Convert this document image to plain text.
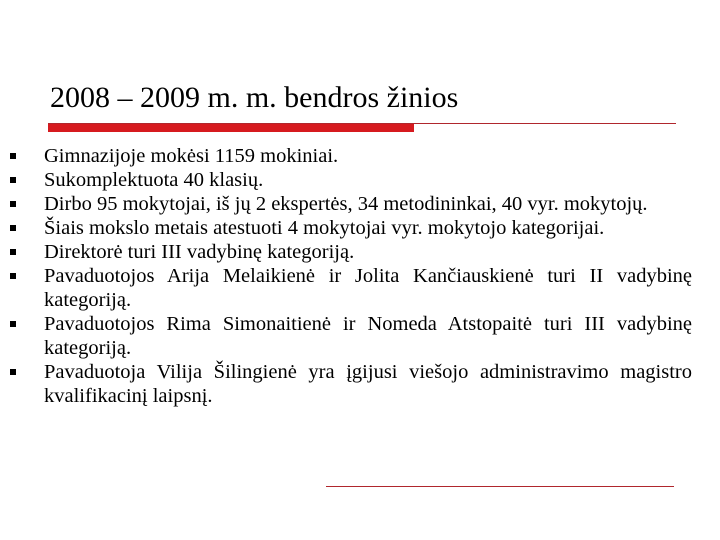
2008 – 2009 m. m. bendros žinios
Gimnazijoje mokėsi 1159 mokiniai.
Sukomplektuota 40 klasių.
Dirbo 95 mokytojai, iš jų 2 ekspertės, 34 metodininkai, 40 vyr. mokytojų.
Šiais mokslo metais atestuoti 4 mokytojai vyr. mokytojo kategorijai.
Direktorė turi III vadybinę kategoriją.
Pavaduotojos Arija Melaikienė ir Jolita Kančiauskienė turi II vadybinę kategoriją.
Pavaduotojos Rima Simonaitienė ir Nomeda Atstopaitė turi III vadybinę kategoriją.
Pavaduotoja Vilija Šilingienė yra įgijusi viešojo administravimo magistro kvalifikacinį laipsnį.
